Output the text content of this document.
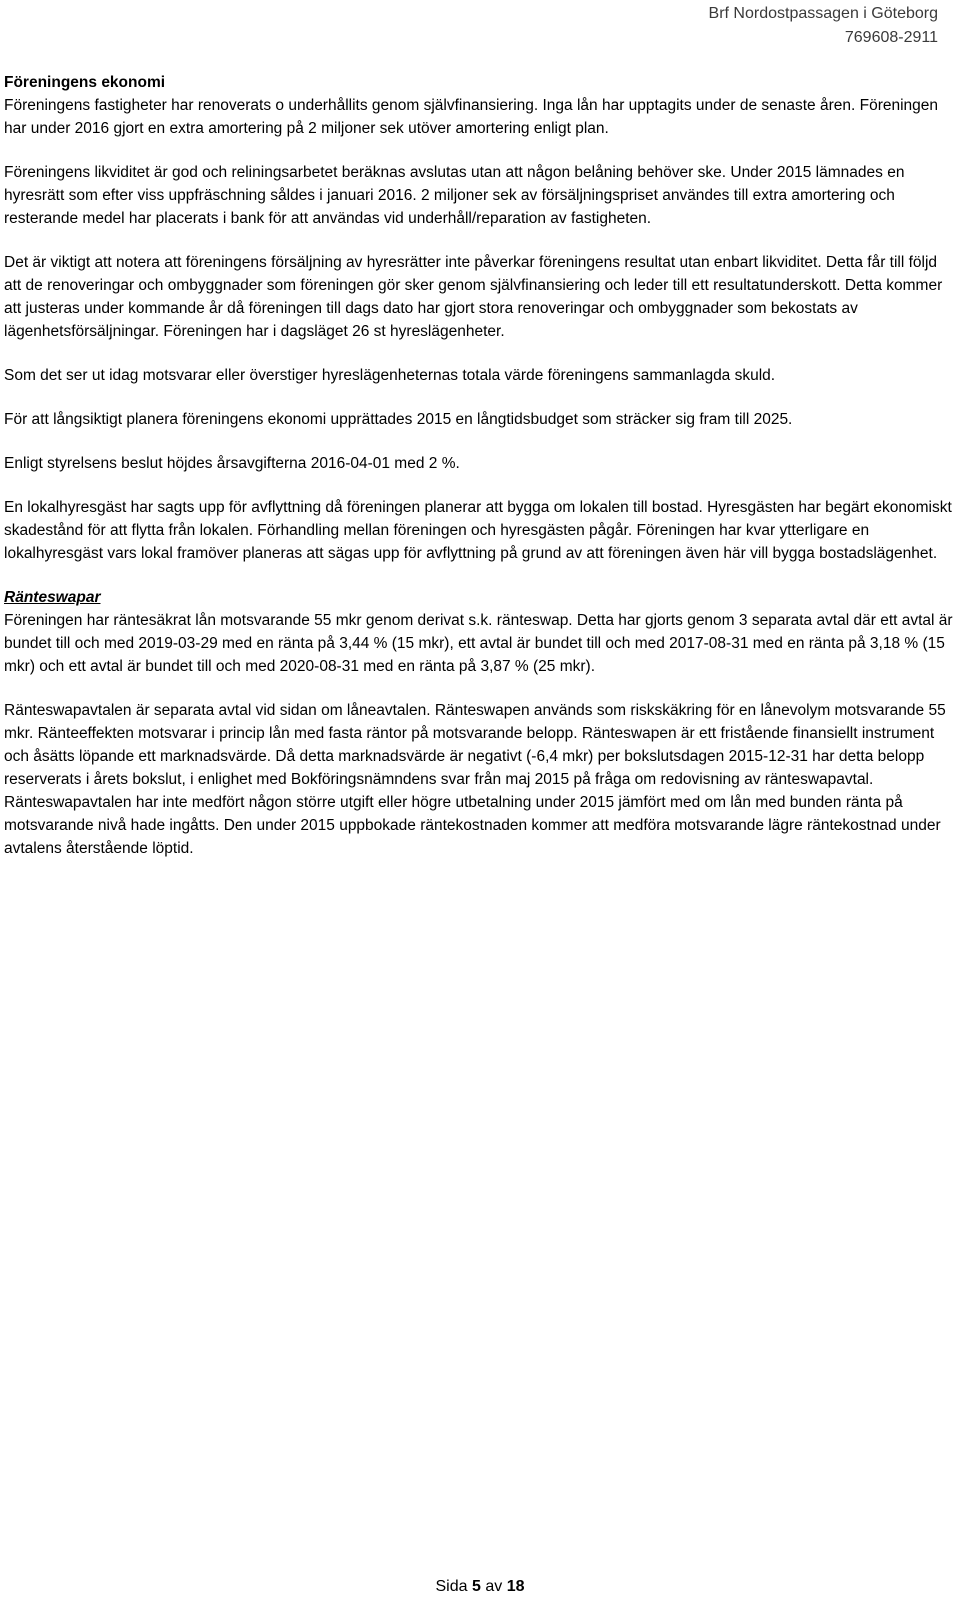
Brf Nordostpassagen i Göteborg
769608-2911

Föreningens ekonomi
Föreningens fastigheter har renoverats o underhållits genom självfinansiering. Inga lån har upptagits under de senaste åren. Föreningen har under 2016 gjort en extra amortering på 2 miljoner sek utöver amortering enligt plan.

Föreningens likviditet är god och reliningsarbetet beräknas avslutas utan att någon belåning behöver ske. Under 2015 lämnades en hyresrätt som efter viss uppfräschning såldes i januari 2016. 2 miljoner sek av försäljningspriset användes till extra amortering och resterande medel har placerats i bank för att användas vid underhåll/reparation av fastigheten.

Det är viktigt att notera att föreningens försäljning av hyresrätter inte påverkar föreningens resultat utan enbart likviditet. Detta får till följd att de renoveringar och ombyggnader som föreningen gör sker genom självfinansiering och leder till ett resultatunderskott. Detta kommer att justeras under kommande år då föreningen till dags dato har gjort stora renoveringar och ombyggnader som bekostats av lägenhetsförsäljningar. Föreningen har i dagsläget 26 st hyreslägenheter.

Som det ser ut idag motsvarar eller överstiger hyreslägenheternas totala värde föreningens sammanlagda skuld.

För att långsiktigt planera föreningens ekonomi upprättades 2015 en långtidsbudget som sträcker sig fram till 2025.

Enligt styrelsens beslut höjdes årsavgifterna 2016-04-01 med 2 %.

En lokalhyresgäst har sagts upp för avflyttning då föreningen planerar att bygga om lokalen till bostad. Hyresgästen har begärt ekonomiskt skadestånd för att flytta från lokalen. Förhandling mellan föreningen och hyresgästen pågår. Föreningen har kvar ytterligare en lokalhyresgäst vars lokal framöver planeras att sägas upp för avflyttning på grund av att föreningen även här vill bygga bostadslägenhet.

Ränteswapar
Föreningen har räntesäkrat lån motsvarande 55 mkr genom derivat s.k. ränteswap. Detta har gjorts genom 3 separata avtal där ett avtal är bundet till och med 2019-03-29 med en ränta på 3,44 % (15 mkr), ett avtal är bundet till och med 2017-08-31 med en ränta på 3,18 % (15 mkr) och ett avtal är bundet till och med 2020-08-31 med en ränta på 3,87 % (25 mkr).

Ränteswapavtalen är separata avtal vid sidan om låneavtalen. Ränteswapen används som riskskäkring för en lånevolym motsvarande 55 mkr. Ränteeffekten motsvarar i princip lån med fasta räntor på motsvarande belopp. Ränteswapen är ett fristående finansiellt instrument och åsätts löpande ett marknadsvärde. Då detta marknadsvärde är negativt (-6,4 mkr) per bokslutsdagen 2015-12-31 har detta belopp reserverats i årets bokslut, i enlighet med Bokföringsnämndens svar från maj 2015 på fråga om redovisning av ränteswapavtal. Ränteswapavtalen har inte medfört någon större utgift eller högre utbetalning under 2015 jämfört med om lån med bunden ränta på motsvarande nivå hade ingåtts. Den under 2015 uppbokade räntekostnaden kommer att medföra motsvarande lägre räntekostnad under avtalens återstående löptid.

Sida 5 av 18
